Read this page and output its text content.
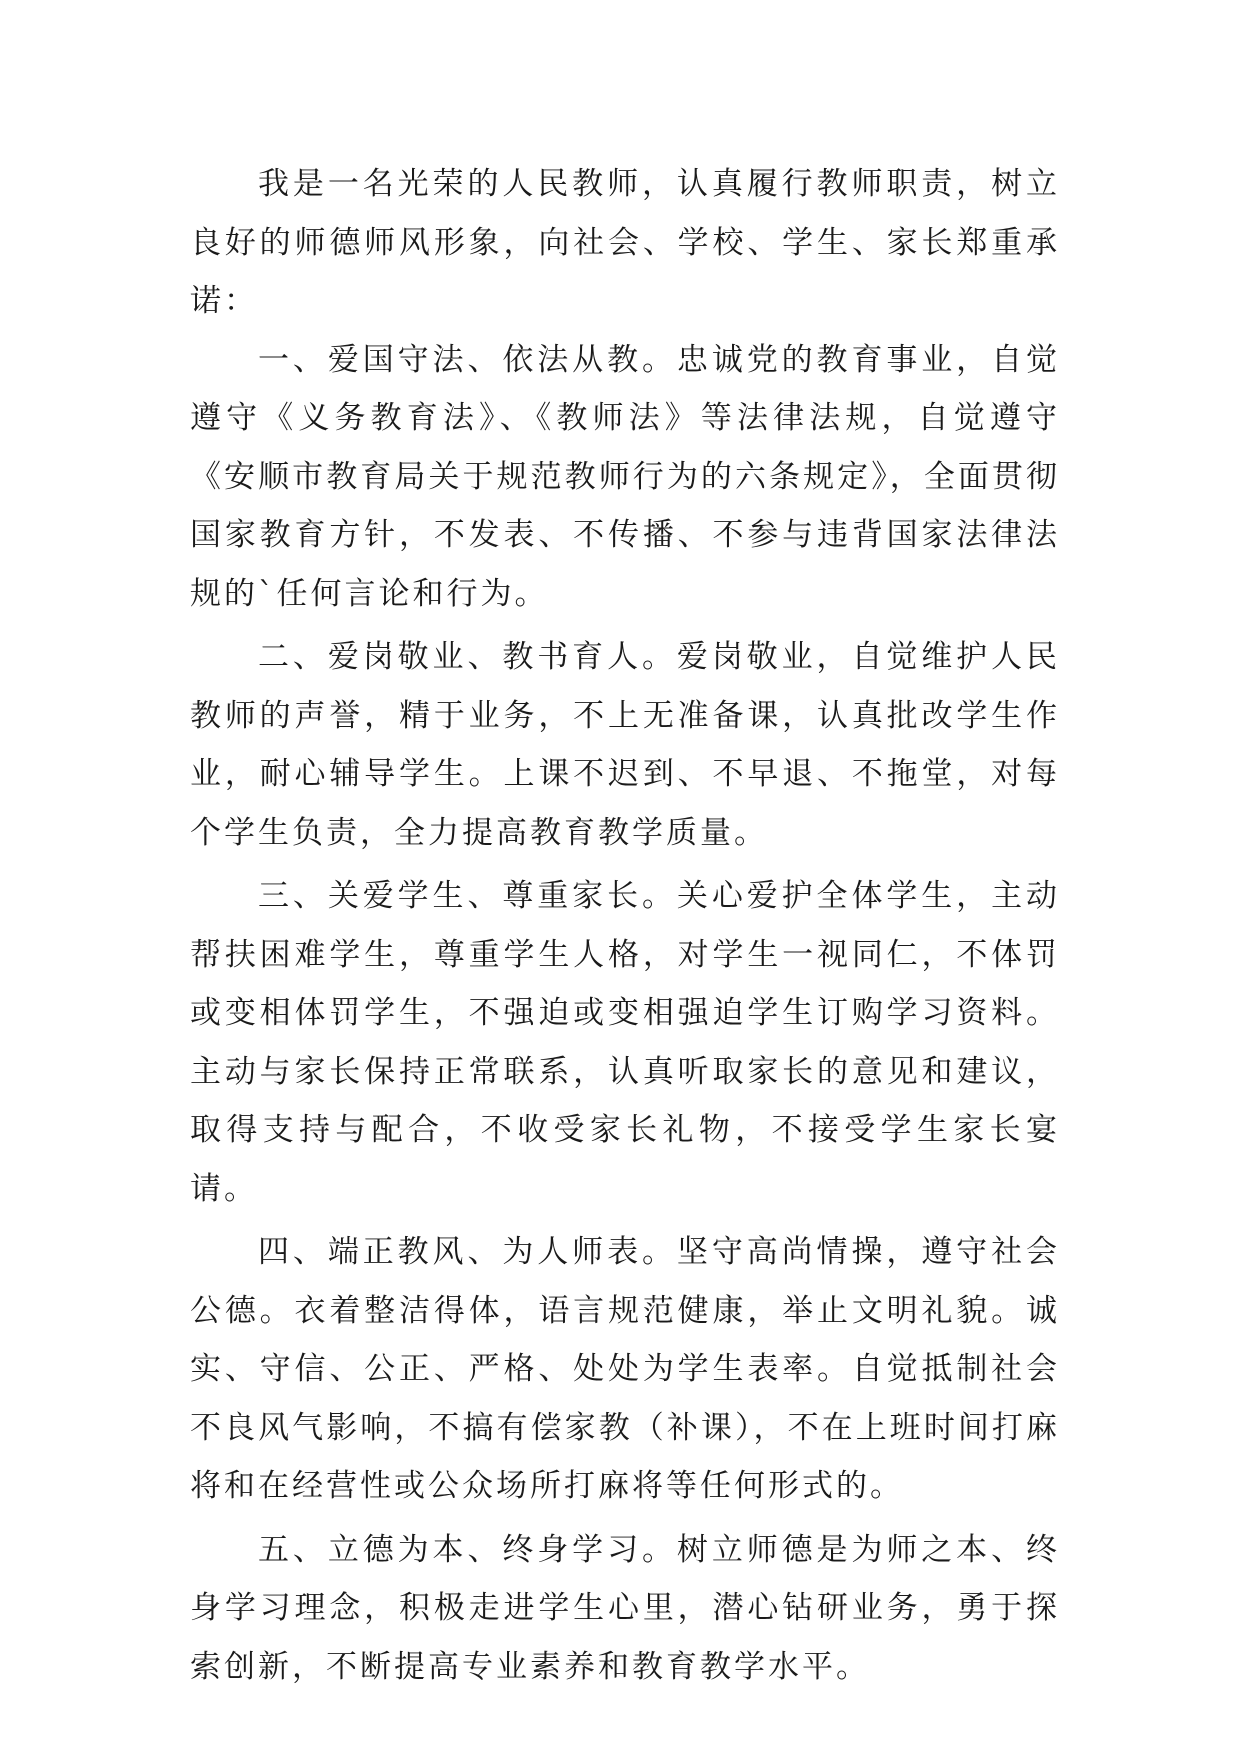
我是一名光荣的人民教师，认真履行教师职责，树立良好的师德师风形象，向社会、学校、学生、家长郑重承诺：

一、爱国守法、依法从教。忠诚党的教育事业，自觉遵守《义务教育法》、《教师法》等法律法规，自觉遵守《安顺市教育局关于规范教师行为的六条规定》，全面贯彻国家教育方针，不发表、不传播、不参与违背国家法律法规的`任何言论和行为。

二、爱岗敬业、教书育人。爱岗敬业，自觉维护人民教师的声誉，精于业务，不上无准备课，认真批改学生作业，耐心辅导学生。上课不迟到、不早退、不拖堂，对每个学生负责，全力提高教育教学质量。

三、关爱学生、尊重家长。关心爱护全体学生，主动帮扶困难学生，尊重学生人格，对学生一视同仁，不体罚或变相体罚学生，不强迫或变相强迫学生订购学习资料。主动与家长保持正常联系，认真听取家长的意见和建议，取得支持与配合，不收受家长礼物，不接受学生家长宴请。

四、端正教风、为人师表。坚守高尚情操，遵守社会公德。衣着整洁得体，语言规范健康，举止文明礼貌。诚实、守信、公正、严格、处处为学生表率。自觉抵制社会不良风气影响，不搞有偿家教（补课），不在上班时间打麻将和在经营性或公众场所打麻将等任何形式的。

五、立德为本、终身学习。树立师德是为师之本、终身学习理念，积极走进学生心里，潜心钻研业务，勇于探索创新，不断提高专业素养和教育教学水平。
